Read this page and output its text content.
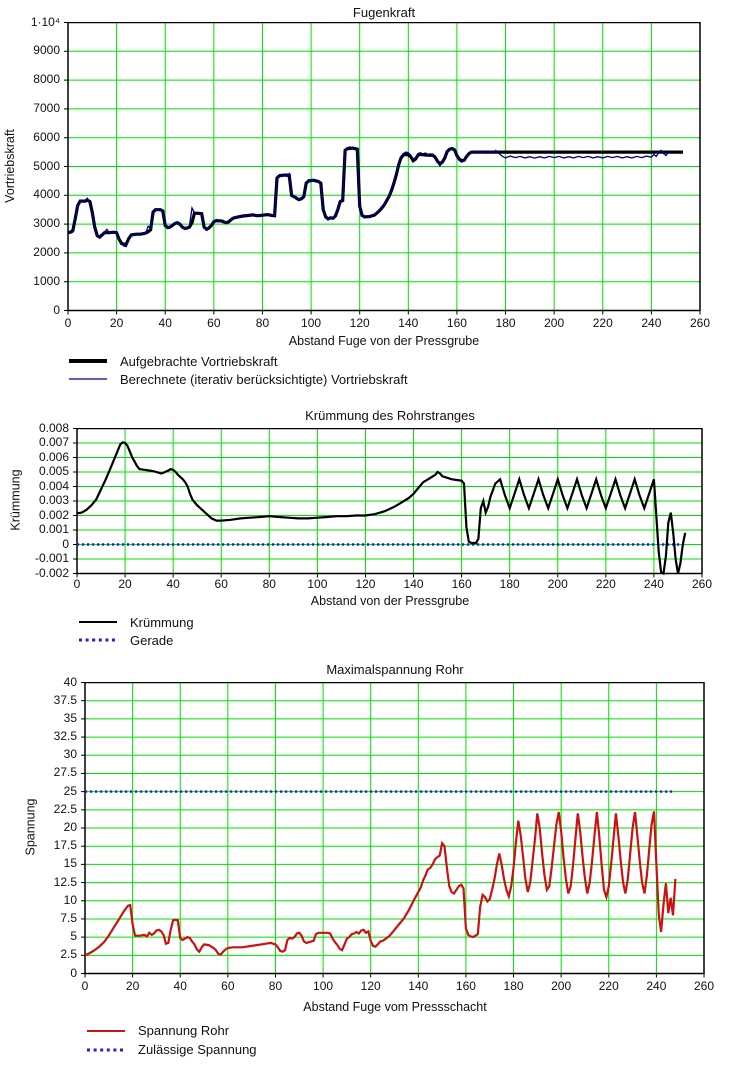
Fugenkraft
Vortriebskraft
1·10⁴
9000
8000
7000
6000
5000
4000
3000
2000
1000
0
0	20	40	60	80	100	120	140	160	180	200	220	240	260
Abstand Fuge von der Pressgrube
Aufgebrachte Vortriebskraft
Berechnete (iterativ berücksichtigte) Vortriebskraft
Krümmung des Rohrstranges
Krümmung
0.008
0.007
0.006
0.005
0.004
0.003
0.002
0.001
0
-0.001
-0.002
0	20	40	60	80	100	120	140	160	180	200	220	240	260
Abstand von der Pressgrube
Krümmung
Gerade
Maximalspannung Rohr
Spannung
40
37.5
35
32.5
30
27.5
25
22.5
20
17.5
15
12.5
10
7.5
5
2.5
0
0	20	40	60	80	100	120	140	160	180	200	220	240	260
Abstand Fuge vom Pressschacht
Spannung Rohr
Zulässige Spannung
